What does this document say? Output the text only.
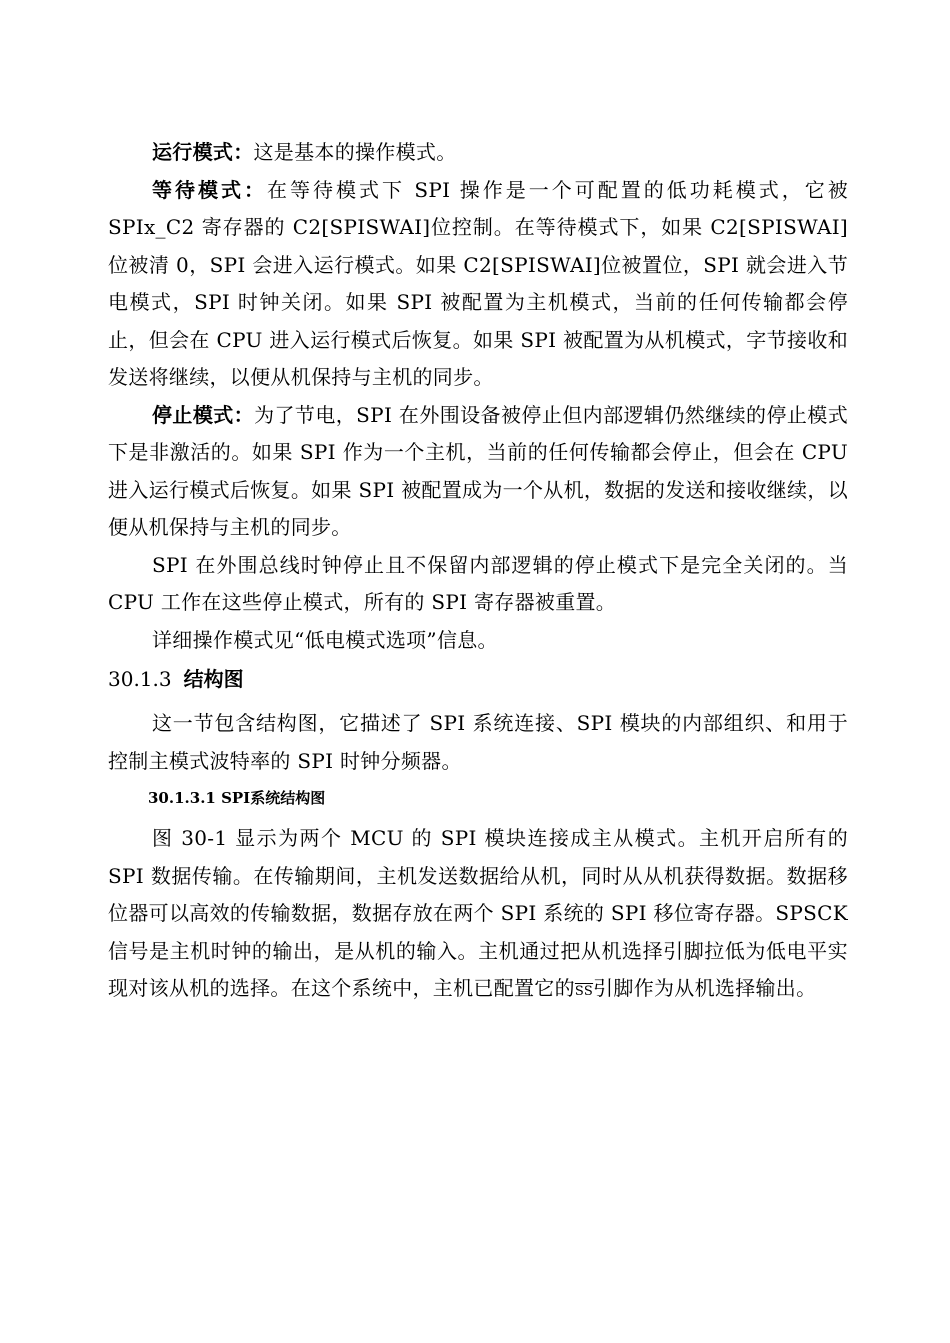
运行模式：这是基本的操作模式。

等待模式：在等待模式下 SPI 操作是一个可配置的低功耗模式，它被SPIx_C2 寄存器的 C2[SPISWAI]位控制。在等待模式下，如果 C2[SPISWAI]位被清 0，SPI 会进入运行模式。如果 C2[SPISWAI]位被置位，SPI 就会进入节电模式，SPI 时钟关闭。如果 SPI 被配置为主机模式，当前的任何传输都会停止，但会在 CPU 进入运行模式后恢复。如果 SPI 被配置为从机模式，字节接收和发送将继续，以便从机保持与主机的同步。

停止模式：为了节电，SPI 在外围设备被停止但内部逻辑仍然继续的停止模式下是非激活的。如果 SPI 作为一个主机，当前的任何传输都会停止，但会在 CPU 进入运行模式后恢复。如果 SPI 被配置成为一个从机，数据的发送和接收继续，以便从机保持与主机的同步。

SPI 在外围总线时钟停止且不保留内部逻辑的停止模式下是完全关闭的。当 CPU 工作在这些停止模式，所有的 SPI 寄存器被重置。

详细操作模式见“低电模式选项”信息。

30.1.3 结构图

这一节包含结构图，它描述了 SPI 系统连接、SPI 模块的内部组织、和用于控制主模式波特率的 SPI 时钟分频器。

30.1.3.1 SPI系统结构图

图 30-1 显示为两个 MCU 的 SPI 模块连接成主从模式。主机开启所有的 SPI 数据传输。在传输期间，主机发送数据给从机，同时从从机获得数据。数据移位器可以高效的传输数据，数据存放在两个 SPI 系统的 SPI 移位寄存器。SPSCK 信号是主机时钟的输出，是从机的输入。主机通过把从机选择引脚拉低为低电平实现对该从机的选择。在这个系统中，主机已配置它的$\overline{SS}$引脚作为从机选择输出。
